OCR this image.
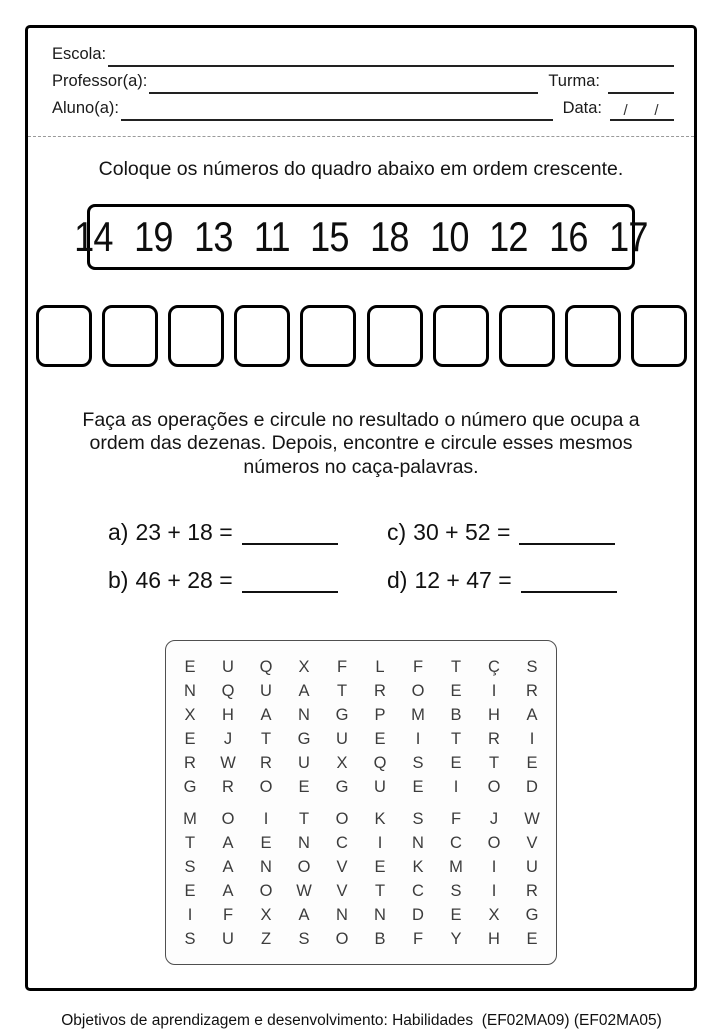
Escola:
Professor(a):	Turma:
Aluno(a):	Data:	/    /

Coloque os números do quadro abaixo em ordem crescente.

14 19 13 11 15 18 10 12 16 17

Faça as operações e circule no resultado o número que ocupa a
ordem das dezenas. Depois, encontre e circule esses mesmos
números no caça-palavras.

a) 23 + 18 =
b) 46 + 28 =
c) 30 + 52 =
d) 12 + 47 =
E	U	Q	X	F	L	F	T	Ç	S
N	Q	U	A	T	R	O	E	I	R
X	H	A	N	G	P	M	B	H	A
E	J	T	G	U	E	I	T	R	I
R	W	R	U	X	Q	S	E	T	E
G	R	O	E	G	U	E	I	O	D
M	O	I	T	O	K	S	F	J	W
T	A	E	N	C	I	N	C	O	V
S	A	N	O	V	E	K	M	I	U
E	A	O	W	V	T	C	S	I	R
I	F	X	A	N	N	D	E	X	G
S	U	Z	S	O	B	F	Y	H	E

Objetivos de aprendizagem e desenvolvimento: Habilidades  (EF02MA09) (EF02MA05)
